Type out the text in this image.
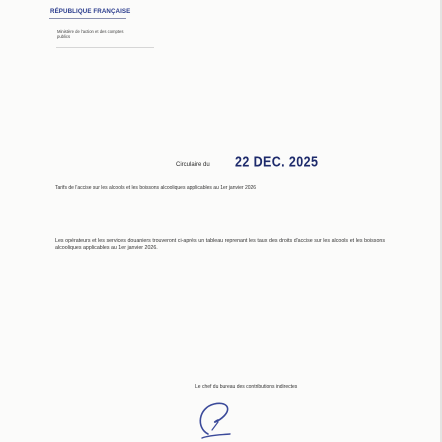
RÉPUBLIQUE FRANÇAISE
Ministère de l'action et des comptes publics
Circulaire du 22 DEC. 2025
Tarifs de l'accise sur les alcools et les boissons alcooliques applicables au 1er janvier 2026
Les opérateurs et les services douaniers trouveront ci-après un tableau reprenant les taux des droits d'accise sur les alcools et les boissons alcooliques applicables au 1er janvier 2026.
Le chef du bureau des contributions indirectes
